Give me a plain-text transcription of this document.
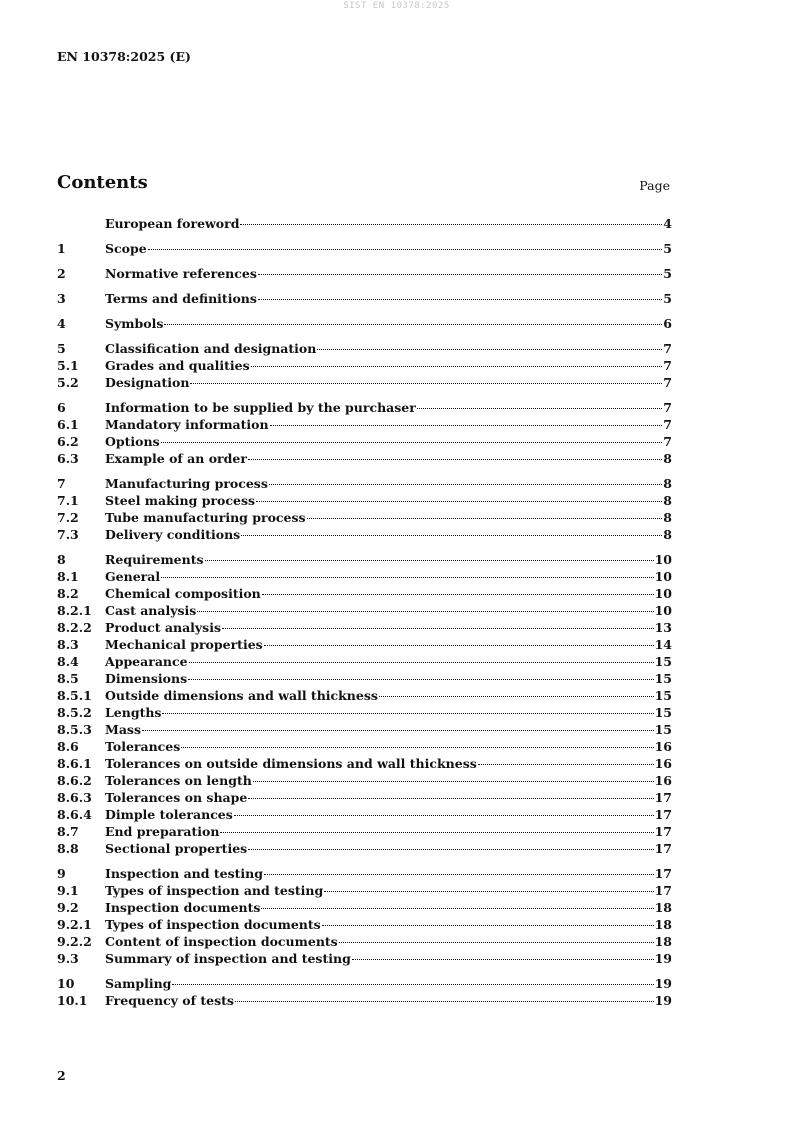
SIST EN 10378:2025
EN 10378:2025 (E)
Contents	Page
European foreword	4
1	Scope	5
2	Normative references	5
3	Terms and definitions	5
4	Symbols	6
5	Classification and designation	7
5.1	Grades and qualities	7
5.2	Designation	7
6	Information to be supplied by the purchaser	7
6.1	Mandatory information	7
6.2	Options	7
6.3	Example of an order	8
7	Manufacturing process	8
7.1	Steel making process	8
7.2	Tube manufacturing process	8
7.3	Delivery conditions	8
8	Requirements	10
8.1	General	10
8.2	Chemical composition	10
8.2.1	Cast analysis	10
8.2.2	Product analysis	13
8.3	Mechanical properties	14
8.4	Appearance	15
8.5	Dimensions	15
8.5.1	Outside dimensions and wall thickness	15
8.5.2	Lengths	15
8.5.3	Mass	15
8.6	Tolerances	16
8.6.1	Tolerances on outside dimensions and wall thickness	16
8.6.2	Tolerances on length	16
8.6.3	Tolerances on shape	17
8.6.4	Dimple tolerances	17
8.7	End preparation	17
8.8	Sectional properties	17
9	Inspection and testing	17
9.1	Types of inspection and testing	17
9.2	Inspection documents	18
9.2.1	Types of inspection documents	18
9.2.2	Content of inspection documents	18
9.3	Summary of inspection and testing	19
10	Sampling	19
10.1	Frequency of tests	19
2
